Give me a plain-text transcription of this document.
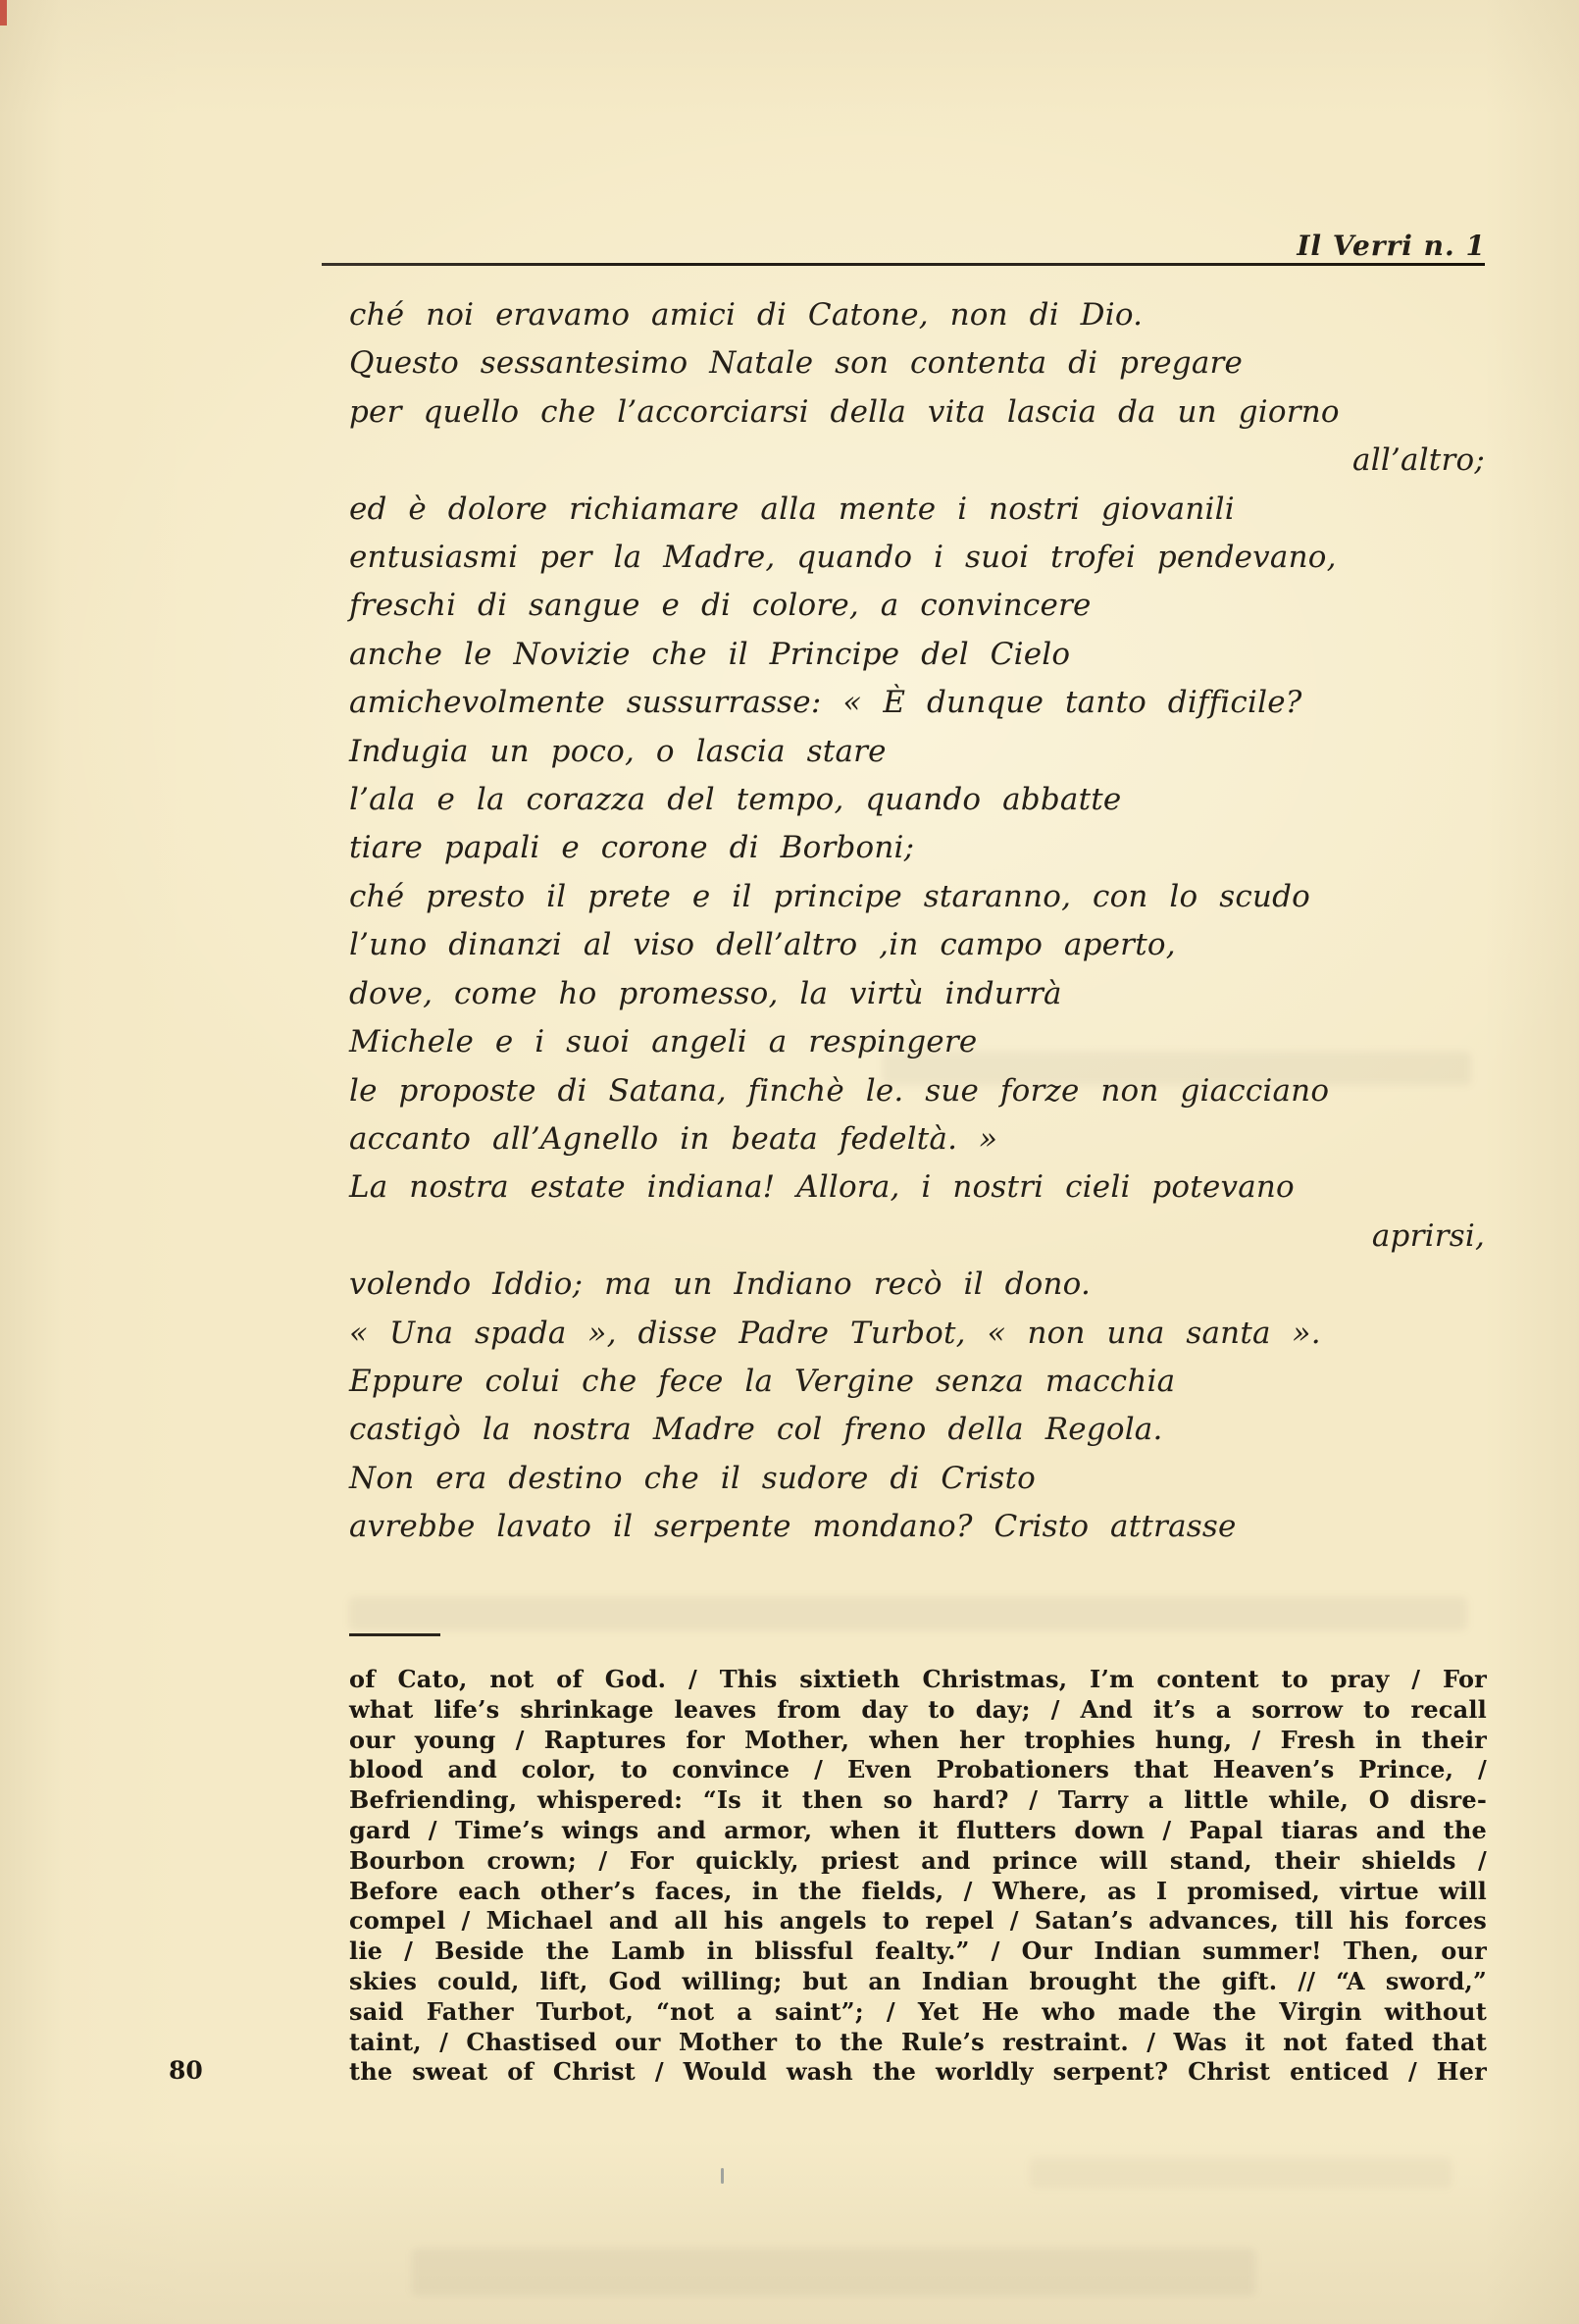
Il Verri n. 1
ché noi eravamo amici di Catone, non di Dio.
Questo sessantesimo Natale son contenta di pregare
per quello che l’accorciarsi della vita lascia da un giorno
all’altro;
ed è dolore richiamare alla mente i nostri giovanili
entusiasmi per la Madre, quando i suoi trofei pendevano,
freschi di sangue e di colore, a convincere
anche le Novizie che il Principe del Cielo
amichevolmente sussurrasse: « È dunque tanto difficile?
Indugia un poco, o lascia stare
l’ala e la corazza del tempo, quando abbatte
tiare papali e corone di Borboni;
ché presto il prete e il principe staranno, con lo scudo
l’uno dinanzi al viso dell’altro ,in campo aperto,
dove, come ho promesso, la virtù indurrà
Michele e i suoi angeli a respingere
le proposte di Satana, finchè le. sue forze non giacciano
accanto all’Agnello in beata fedeltà. »
La nostra estate indiana! Allora, i nostri cieli potevano
aprirsi,
volendo Iddio; ma un Indiano recò il dono.
« Una spada », disse Padre Turbot, « non una santa ».
Eppure colui che fece la Vergine senza macchia
castigò la nostra Madre col freno della Regola.
Non era destino che il sudore di Cristo
avrebbe lavato il serpente mondano? Cristo attrasse
of Cato, not of God. / This sixtieth Christmas, I’m content to pray / For
what life’s shrinkage leaves from day to day; / And it’s a sorrow to recall
our young / Raptures for Mother, when her trophies hung, / Fresh in their
blood and color, to convince / Even Probationers that Heaven’s Prince, /
Befriending, whispered: “Is it then so hard? / Tarry a little while, O disre-
gard / Time’s wings and armor, when it flutters down / Papal tiaras and the
Bourbon crown; / For quickly, priest and prince will stand, their shields /
Before each other’s faces, in the fields, / Where, as I promised, virtue will
compel / Michael and all his angels to repel / Satan’s advances, till his forces
lie / Beside the Lamb in blissful fealty.” / Our Indian summer! Then, our
skies could, lift, God willing; but an Indian brought the gift. // “A sword,”
said Father Turbot, “not a saint”; / Yet He who made the Virgin without
taint, / Chastised our Mother to the Rule’s restraint. / Was it not fated that
the sweat of Christ / Would wash the worldly serpent? Christ enticed / Her
80
